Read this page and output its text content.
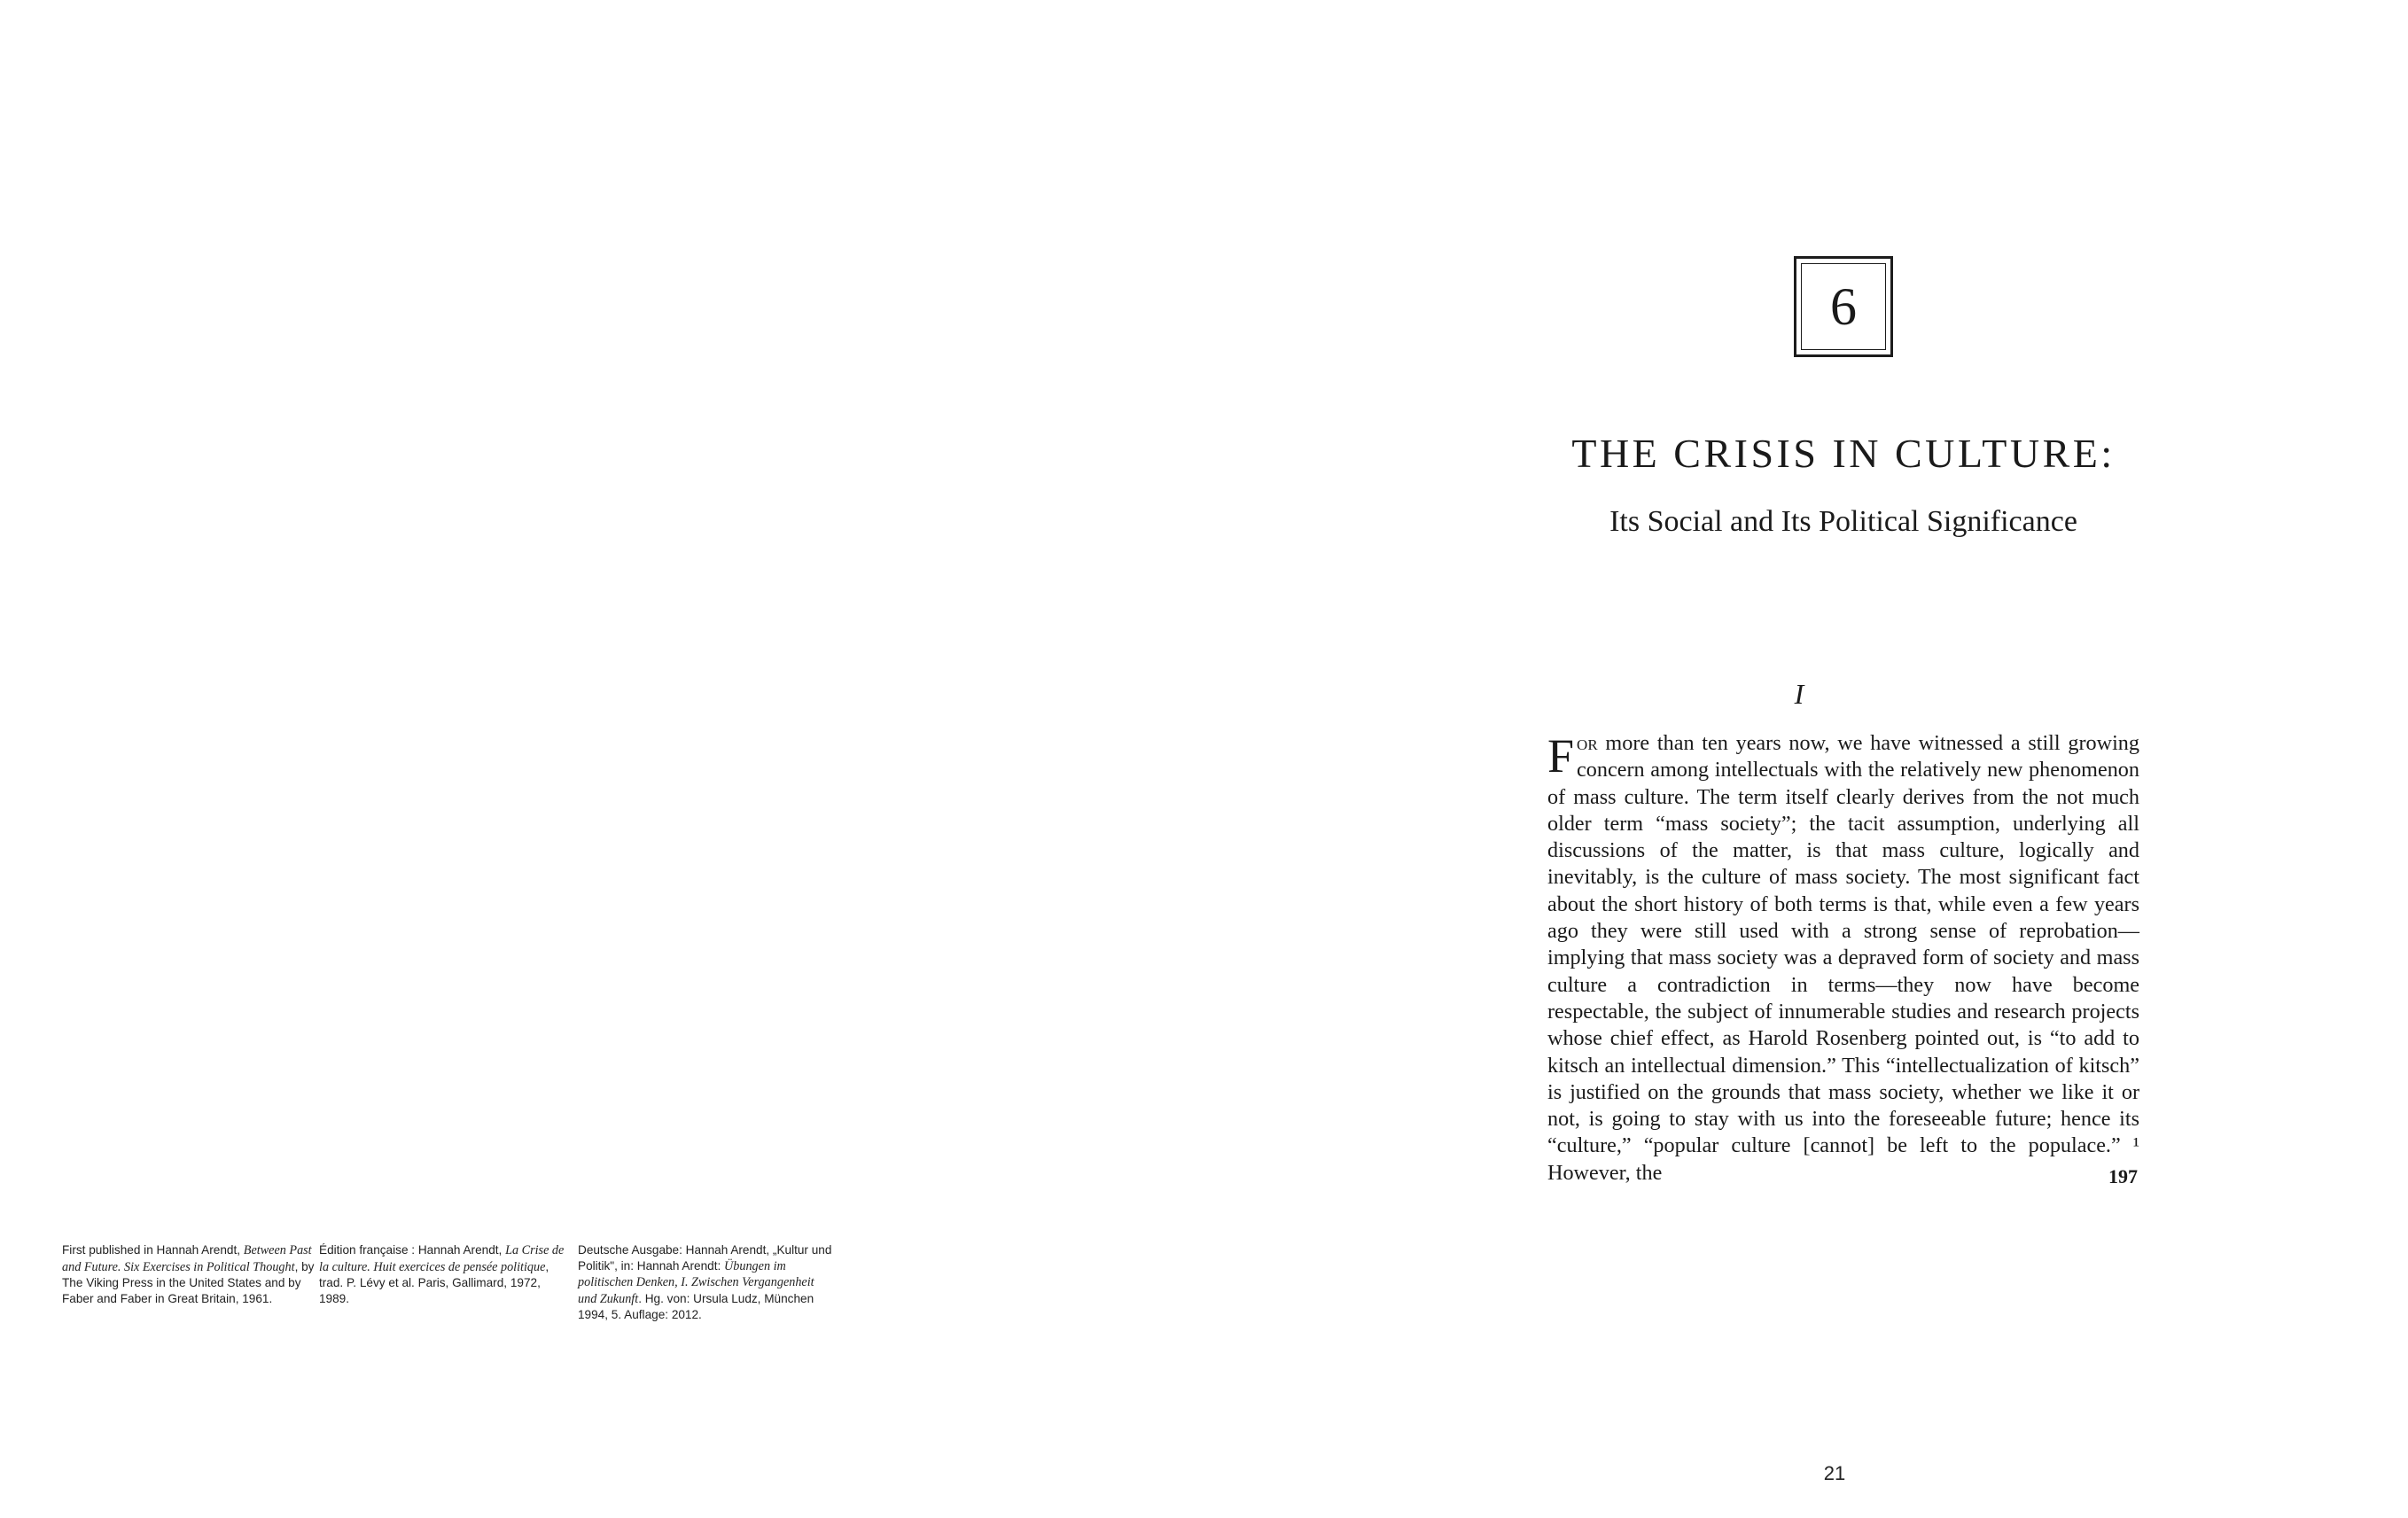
First published in Hannah Arendt, Between Past and Future. Six Exercises in Political Thought, by The Viking Press in the United States and by Faber and Faber in Great Britain, 1961.
Édition française : Hannah Arendt, La Crise de la culture. Huit exercices de pensée politique, trad. P. Lévy et al. Paris, Gallimard, 1972, 1989.
Deutsche Ausgabe: Hannah Arendt, „Kultur und Politik", in: Hannah Arendt: Übungen im politischen Denken, I. Zwischen Vergangenheit und Zukunft. Hg. von: Ursula Ludz, München 1994, 5. Auflage: 2012.
6
THE CRISIS IN CULTURE:
Its Social and Its Political Significance
I

For more than ten years now, we have witnessed a still growing concern among intellectuals with the relatively new phenomenon of mass culture. The term itself clearly derives from the not much older term “mass society”; the tacit assumption, underlying all discussions of the matter, is that mass culture, logically and inevitably, is the culture of mass society. The most significant fact about the short history of both terms is that, while even a few years ago they were still used with a strong sense of reprobation—implying that mass society was a depraved form of society and mass culture a contradiction in terms—they now have become respectable, the subject of innumerable studies and research projects whose chief effect, as Harold Rosenberg pointed out, is “to add to kitsch an intellectual dimension.” This “intellectualization of kitsch” is justified on the grounds that mass society, whether we like it or not, is going to stay with us into the foreseeable future; hence its “culture,” “popular culture [cannot] be left to the populace.” ¹ However, the	197
21
